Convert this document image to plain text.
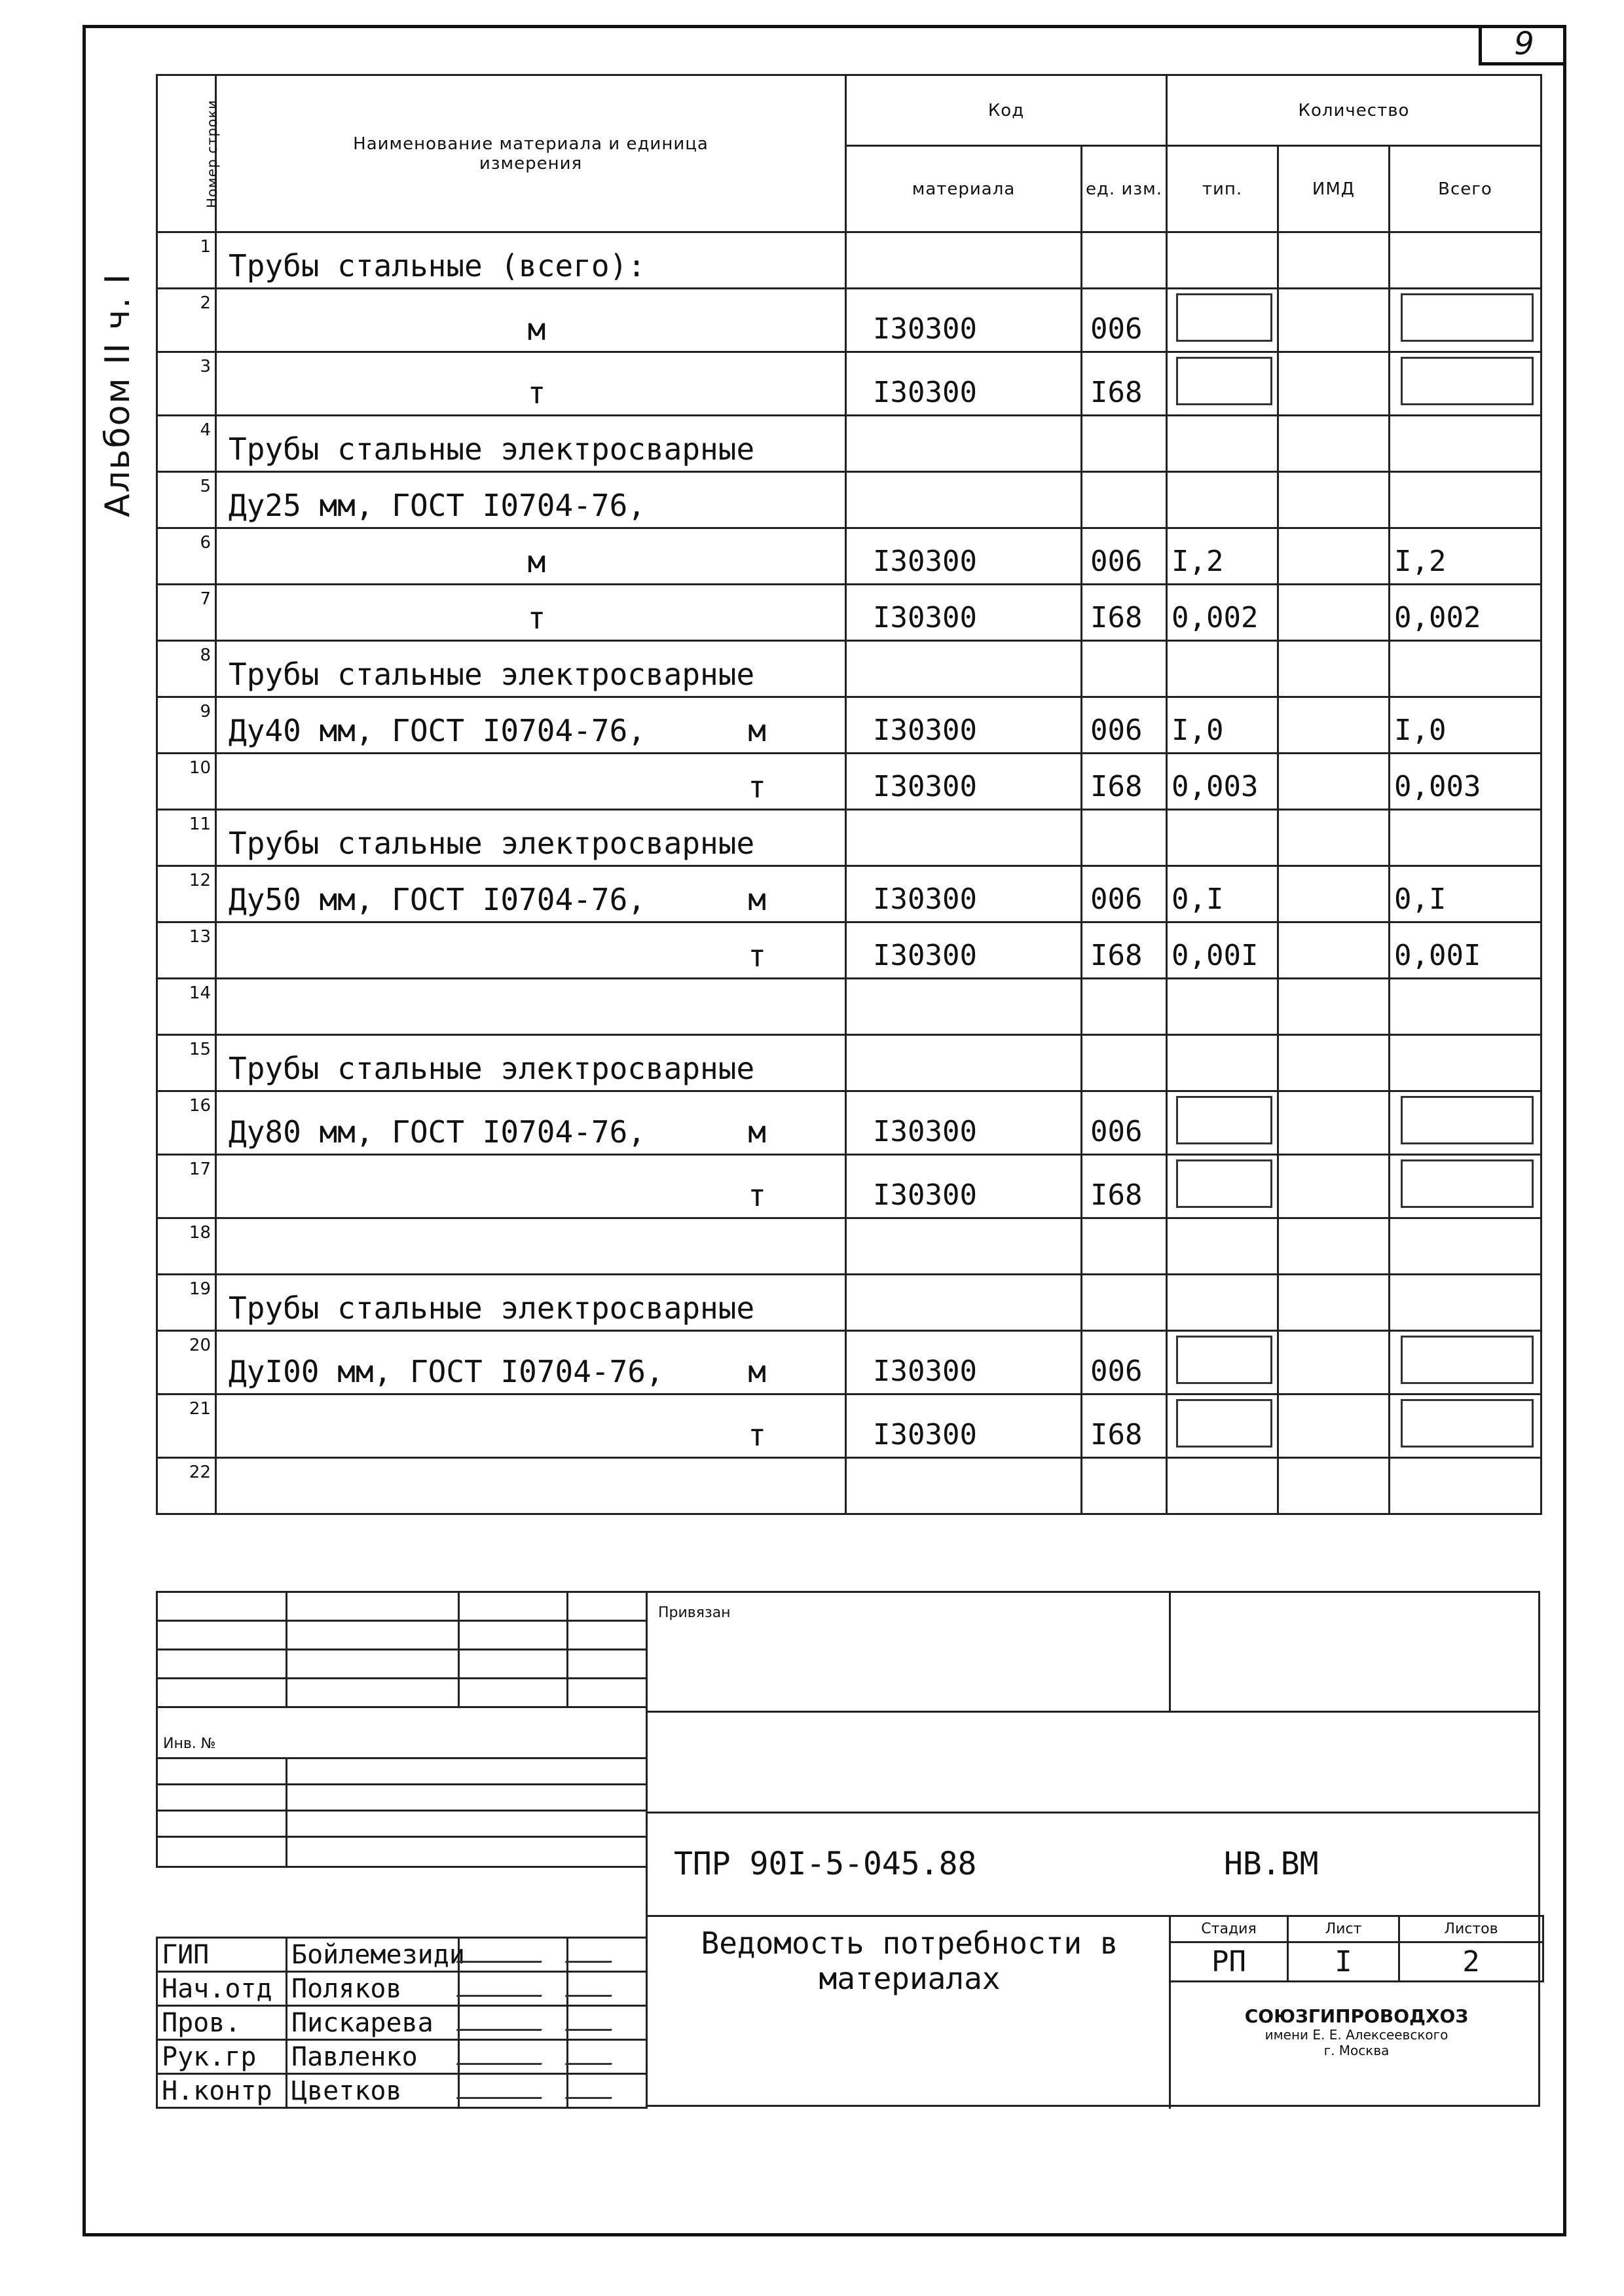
9
Альбом II ч. I
Номер строки	Наименование материала и единица измерения	Код		Количество		
		материала	ед. изм.	тип.	ИМД	Всего
1	Трубы стальные (всего):					
2	м	I30300	006	

3	т	I30300	I68	

4	Трубы стальные электросварные					
5	Ду25 мм, ГОСТ I0704-76,					
6	м	I30300	006	I,2		I,2
7	т	I30300	I68	0,002		0,002
8	Трубы стальные электросварные					
9	Ду40 мм, ГОСТ I0704-76, м	I30300	006	I,0		I,0
10	т	I30300	I68	0,003		0,003
11	Трубы стальные электросварные					
12	Ду50 мм, ГОСТ I0704-76, м	I30300	006	0,I		0,I
13	т	I30300	I68	0,00I		0,00I
14						
15	Трубы стальные электросварные					
16	Ду80 мм, ГОСТ I0704-76, м	I30300	006	

17	т	I30300	I68	

18						
19	Трубы стальные электросварные					
20	ДуI00 мм, ГОСТ I0704-76, м	I30300	006	

21	т	I30300	I68	

22						

Инв. №			

ГИП	Бойлемезиди		
Нач.отд	Поляков		
Пров.	Пискарева		
Рук.гр	Павленко		
Н.контр	Цветков		
Привязан
ТПР 90I-5-045.88	НВ.ВМ
Ведомость потребности в материалах
Стадия	Лист	Листов
РП	I	2
СОЮЗГИПРОВОДХОЗ
имени Е. Е. Алексеевского
г. Москва
